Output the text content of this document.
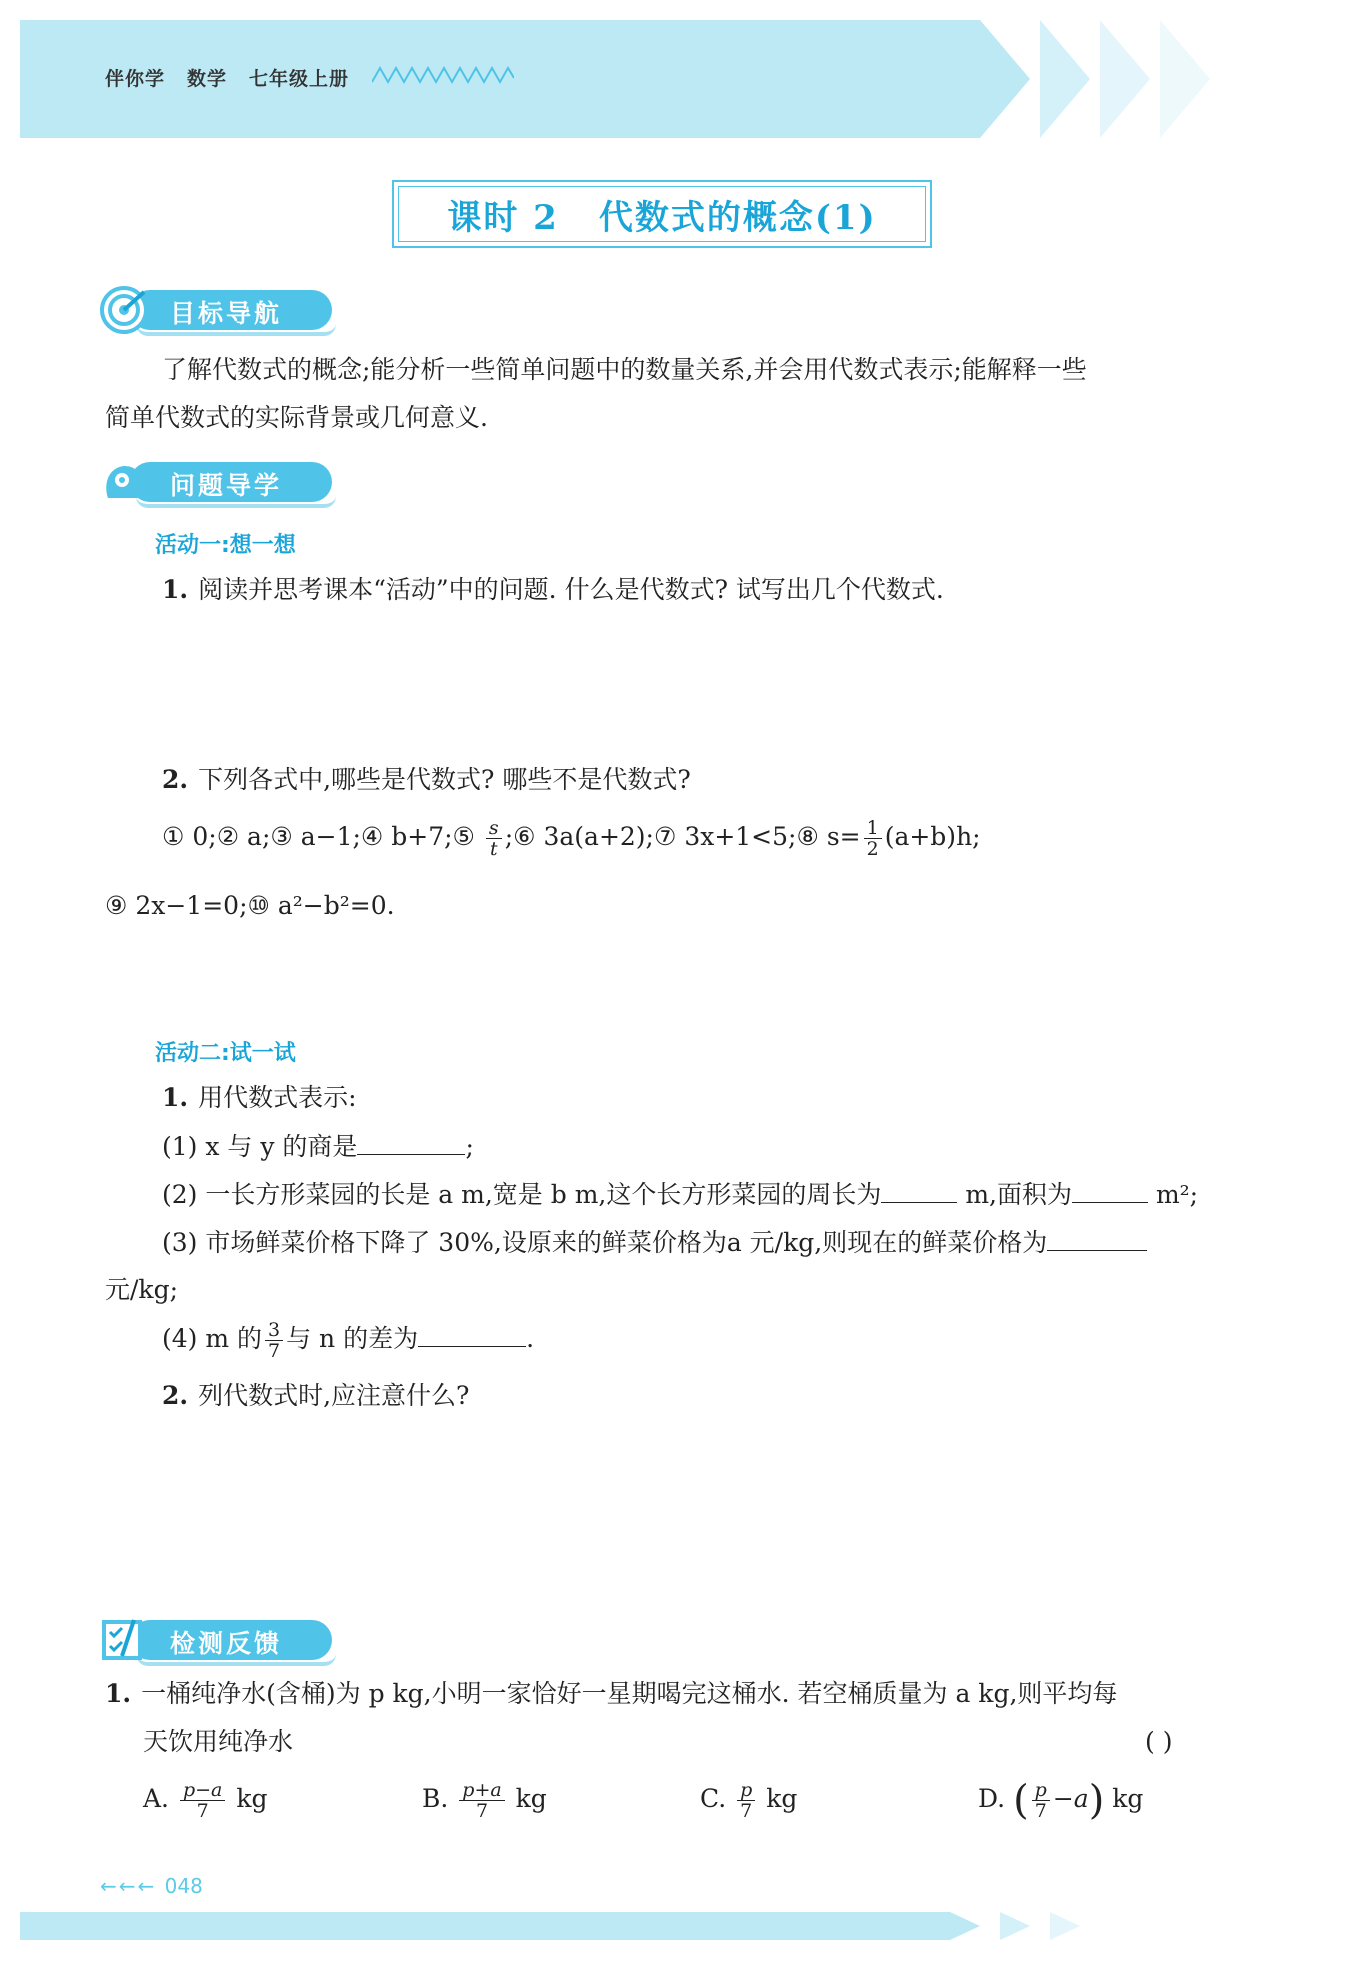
伴你学 数学 七年级上册
课时 2 代数式的概念(1)
目标导航
了解代数式的概念;能分析一些简单问题中的数量关系,并会用代数式表示;能解释一些
简单代数式的实际背景或几何意义.
问题导学
活动一:想一想
1. 阅读并思考课本“活动”中的问题. 什么是代数式? 试写出几个代数式.
2. 下列各式中,哪些是代数式? 哪些不是代数式?
① 0;② a;③ a−1;④ b+7;⑤ $\frac{s}{t}$ ;⑥ 3a(a+2);⑦ 3x+1<5;⑧ $s= \frac{1}{2} (a+b)h$;
⑨ 2x−1=0;⑩ a²−b²=0.
活动二:试一试
1. 用代数式表示:
(1) x 与 y 的商是	;
(2) 一长方形菜园的长是 a m,宽是 b m,这个长方形菜园的周长为	m,面积为	m²;
(3) 市场鲜菜价格下降了 30%,设原来的鲜菜价格为a 元/kg,则现在的鲜菜价格为
元/kg;
(4) m 的 $\frac{3}{7}$ 与 n 的差为	.
2. 列代数式时,应注意什么?
检测反馈
1. 一桶纯净水(含桶)为 p kg,小明一家恰好一星期喝完这桶水. 若空桶质量为 a kg,则平均每
天饮用纯净水	( )
A. $\frac{p-a}{7}$ kg	B. $\frac{p+a}{7}$ kg	C. $\frac{p}{7}$ kg	D. ( $\frac{p}{7} -a$) kg
←←← 048
